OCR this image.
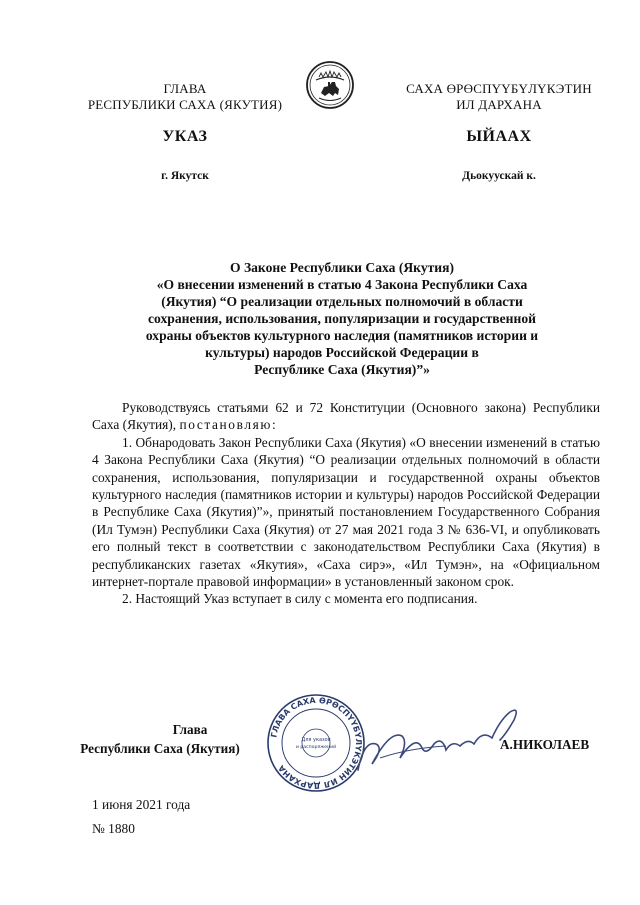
ГЛАВА
РЕСПУБЛИКИ САХА (ЯКУТИЯ)
САХА ӨРӨСПҮҮБҮЛҮКЭТИН
ИЛ ДАРХАНА
УКАЗ	ЫЙААХ
г. Якутск	Дьокуускай к.
О Законе Республики Саха (Якутия)
«О внесении изменений в статью 4 Закона Республики Саха
(Якутия) “О реализации отдельных полномочий в области
сохранения, использования, популяризации и государственной
охраны объектов культурного наследия (памятников истории и
культуры) народов Российской Федерации в
Республике Саха (Якутия)”»

Руководствуясь статьями 62 и 72 Конституции (Основного закона) Республики Саха (Якутия), постановляю:

1. Обнародовать Закон Республики Саха (Якутия) «О внесении изменений в статью 4 Закона Республики Саха (Якутия) “О реализации отдельных полномочий в области сохранения, использования, популяризации и государственной охраны объектов культурного наследия (памятников истории и культуры) народов Российской Федерации в Республике Саха (Якутия)”», принятый постановлением Государственного Собрания (Ил Тумэн) Республики Саха (Якутия) от 27 мая 2021 года З № 636-VI, и опубликовать его полный текст в соответствии с законодательством Республики Саха (Якутия) в республиканских газетах «Якутия», «Саха сирэ», «Ил Тумэн», на «Официальном интернет-портале правовой информации» в установленный законом срок.

2. Настоящий Указ вступает в силу с момента его подписания.

Глава
Республики Саха (Якутия)
ГЛАВА САХА ӨРӨСПҮҮБҮЛҮКЭТИН ИЛ ДАРХАНА
Для указов
и распоряжений	А.НИКОЛАЕВ
1 июня 2021 года
№ 1880
